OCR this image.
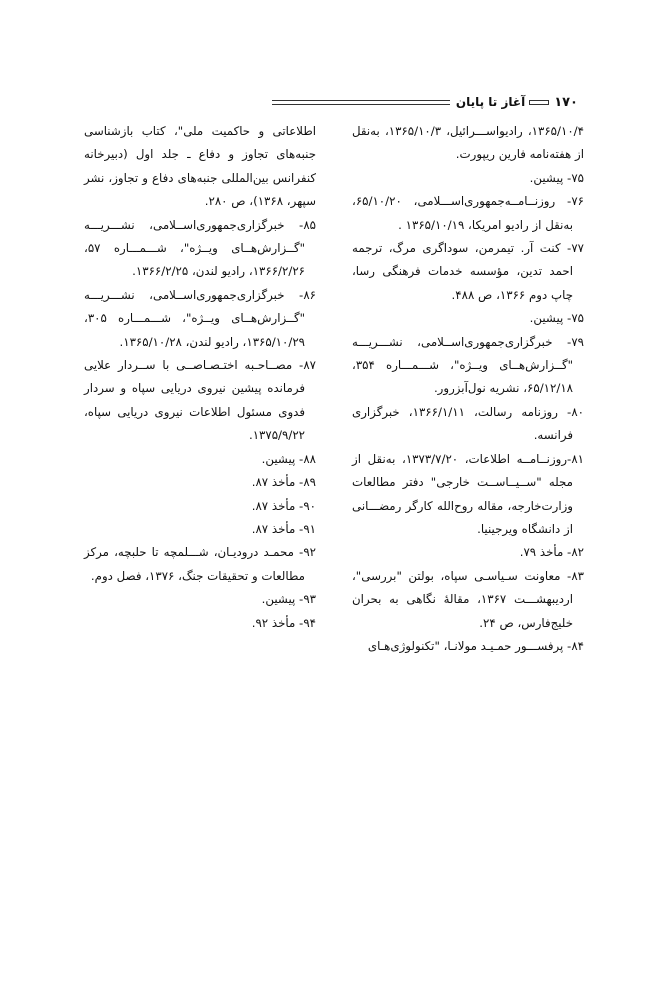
۱۷۰
آغاز تا پایان

۱۳۶۵/۱۰/۴، رادیواســـرائیل، ۱۳۶۵/۱۰/۳، به‌نقل از هفته‌نامه فارین ریپورت.

۷۵- پیشین.

۷۶- روزنــامــه‌جمهوری‌اســـلامی، ۶۵/۱۰/۲۰، به‌نقل از رادیو امریکا، ۱۳۶۵/۱۰/۱۹ .

۷۷- کنت آر. تیمرمن، سوداگری مرگ، ترجمه احمد تدین، مؤسسه خدمات فرهنگی رسا، چاپ دوم ۱۳۶۶، ص ۴۸۸.

۷۵- پیشین.

۷۹- خبرگزاری‌جمهوری‌اســلامی، نشـــریـــه "گــزارش‌هــای ویــژه"، شـــمـــاره ۳۵۴، ۶۵/۱۲/۱۸، نشریه نول‌آبزرور.

۸۰- روزنامه رسالت، ۱۳۶۶/۱/۱۱، خبرگزاری فرانسه.

۸۱-روزنــامــه اطلاعات، ۱۳۷۳/۷/۲۰، به‌نقل از مجله "ســیــاســت خارجی" دفتر مطالعات وزارت‌خارجه، مقاله روح‌الله کارگر رمضـــانی از دانشگاه ویرجینیا.

۸۲- مأخذ ۷۹.

۸۳- معاونت سـیاسـی سپاه، بولتن "بررسی"، اردیبهشـــت ۱۳۶۷، مقالهٔ نگاهی به بحران خلیج‌فارس، ص ۲۴.

۸۴- پرفســـور حمـیـد مولانـا، "تکنولوژی‌هـای

اطلاعاتی و حاکمیت ملی"، کتاب بازشناسی جنبه‌های تجاوز و دفاع ـ جلد اول (دبیرخانه کنفرانس بین‌المللی جنبه‌های دفاع و تجاوز، نشر سپهر، ۱۳۶۸)، ص ۲۸۰.

۸۵- خبرگزاری‌جمهوری‌اســلامی، نشـــریـــه "گــزارش‌هــای ویــژه"، شـــمـــاره ۵۷، ۱۳۶۶/۲/۲۶، رادیو لندن، ۱۳۶۶/۲/۲۵.

۸۶- خبرگزاری‌جمهوری‌اســلامی، نشـــریـــه "گــزارش‌هــای ویــژه"، شـــمـــاره ۳۰۵، ۱۳۶۵/۱۰/۲۹، رادیو لندن، ۱۳۶۵/۱۰/۲۸.

۸۷- مصــاحـبه اختـصـاصــی با ســردار علایی فرمانده پیشین نیروی دریایی سپاه و سردار فدوی مسئول اطلاعات نیروی دریایی سپاه، ۱۳۷۵/۹/۲۲.

۸۸- پیشین.

۸۹- مأخذ ۸۷.

۹۰- مأخذ ۸۷.

۹۱- مأخذ ۸۷.

۹۲- محمـد درودیـان، شـــلمچه تا حلبچه، مرکز مطالعات و تحقیقات جنگ، ۱۳۷۶، فصل دوم.

۹۳- پیشین.

۹۴- مأخذ ۹۲.
